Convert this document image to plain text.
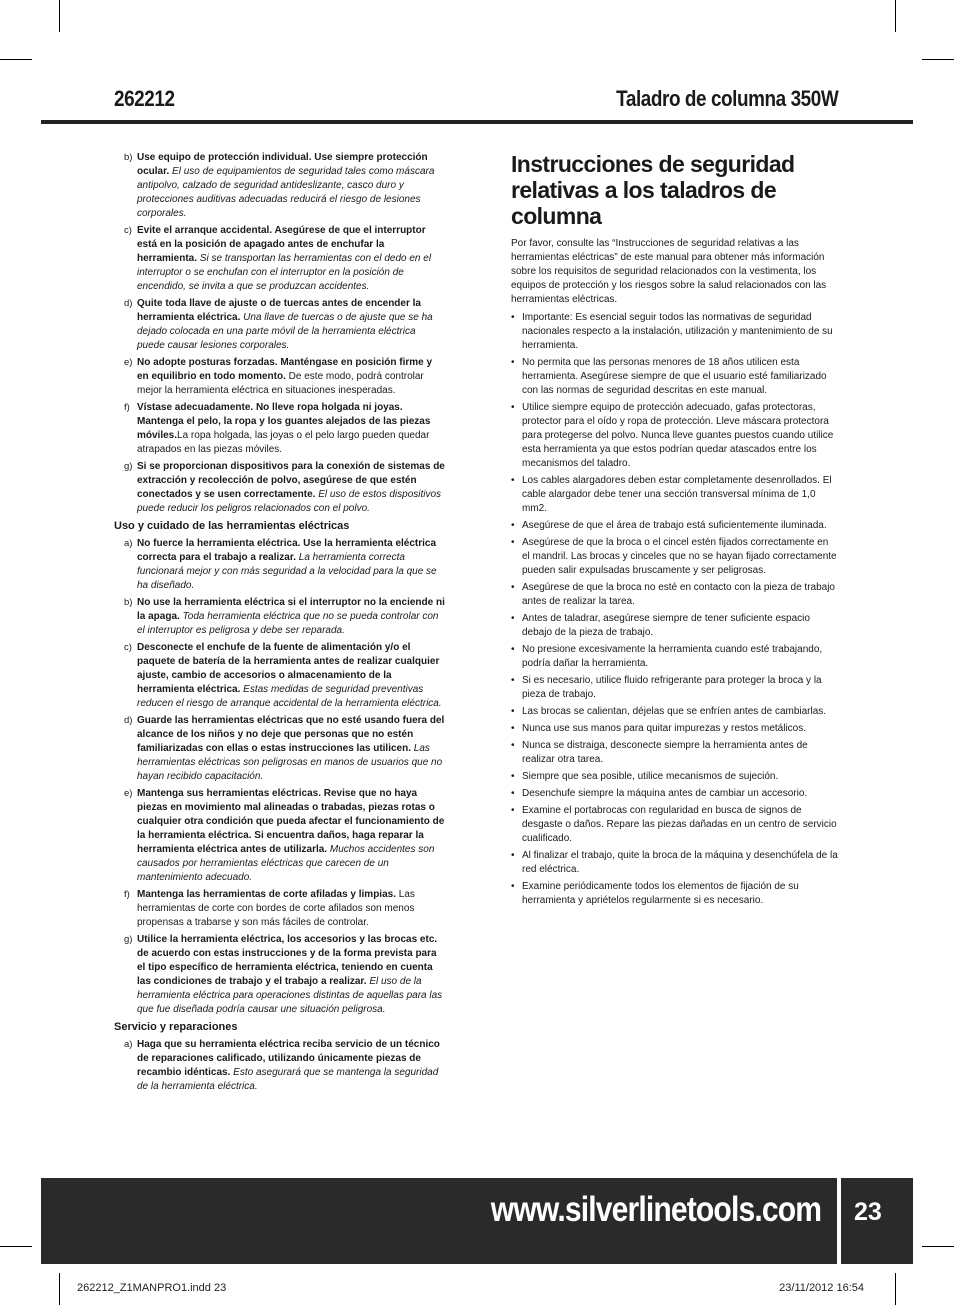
262212	Taladro de columna 350W
b) Use equipo de protección individual. Use siempre protección ocular. El uso de equipamientos de seguridad tales como máscara antipolvo, calzado de seguridad antideslizante, casco duro y protecciones auditivas adecuadas reducirá el riesgo de lesiones corporales.
c) Evite el arranque accidental. Asegúrese de que el interruptor está en la posición de apagado antes de enchufar la herramienta. Si se transportan las herramientas con el dedo en el interruptor o se enchufan con el interruptor en la posición de encendido, se invita a que se produzcan accidentes.
d) Quite toda llave de ajuste o de tuercas antes de encender la herramienta eléctrica. Una llave de tuercas o de ajuste que se ha dejado colocada en una parte móvil de la herramienta eléctrica puede causar lesiones corporales.
e) No adopte posturas forzadas. Manténgase en posición firme y en equilibrio en todo momento. De este modo, podrá controlar mejor la herramienta eléctrica en situaciones inesperadas.
f) Vístase adecuadamente. No lleve ropa holgada ni joyas. Mantenga el pelo, la ropa y los guantes alejados de las piezas móviles.La ropa holgada, las joyas o el pelo largo pueden quedar atrapados en las piezas móviles.
g) Si se proporcionan dispositivos para la conexión de sistemas de extracción y recolección de polvo, asegúrese de que estén conectados y se usen correctamente. El uso de estos dispositivos puede reducir los peligros relacionados con el polvo.
Uso y cuidado de las herramientas eléctricas
a) No fuerce la herramienta eléctrica. Use la herramienta eléctrica correcta para el trabajo a realizar. La herramienta correcta funcionará mejor y con más seguridad a la velocidad para la que se ha diseñado.
b) No use la herramienta eléctrica si el interruptor no la enciende ni la apaga. Toda herramienta eléctrica que no se pueda controlar con el interruptor es peligrosa y debe ser reparada.
c) Desconecte el enchufe de la fuente de alimentación y/o el paquete de batería de la herramienta antes de realizar cualquier ajuste, cambio de accesorios o almacenamiento de la herramienta eléctrica. Estas medidas de seguridad preventivas reducen el riesgo de arranque accidental de la herramienta eléctrica.
d) Guarde las herramientas eléctricas que no esté usando fuera del alcance de los niños y no deje que personas que no estén familiarizadas con ellas o estas instrucciones las utilicen. Las herramientas eléctricas son peligrosas en manos de usuarios que no hayan recibido capacitación.
e) Mantenga sus herramientas eléctricas. Revise que no haya piezas en movimiento mal alineadas o trabadas, piezas rotas o cualquier otra condición que pueda afectar el funcionamiento de la herramienta eléctrica. Si encuentra daños, haga reparar la herramienta eléctrica antes de utilizarla. Muchos accidentes son causados por herramientas eléctricas que carecen de un mantenimiento adecuado.
f) Mantenga las herramientas de corte afiladas y limpias. Las herramientas de corte con bordes de corte afilados son menos propensas a trabarse y son más fáciles de controlar.
g) Utilice la herramienta eléctrica, los accesorios y las brocas etc. de acuerdo con estas instrucciones y de la forma prevista para el tipo específico de herramienta eléctrica, teniendo en cuenta las condiciones de trabajo y el trabajo a realizar. El uso de la herramienta eléctrica para operaciones distintas de aquellas para las que fue diseñada podría causar une situación peligrosa.
Servicio y reparaciones
a) Haga que su herramienta eléctrica reciba servicio de un técnico de reparaciones calificado, utilizando únicamente piezas de recambio idénticas. Esto asegurará que se mantenga la seguridad de la herramienta eléctrica.
Instrucciones de seguridad relativas a los taladros de columna
Por favor, consulte las “Instrucciones de seguridad relativas a las herramientas eléctricas” de este manual para obtener más información sobre los requisitos de seguridad relacionados con la vestimenta, los equipos de protección y los riesgos sobre la salud relacionados con las herramientas eléctricas.
• Importante: Es esencial seguir todos las normativas de seguridad nacionales respecto a la instalación, utilización y mantenimiento de su herramienta.
• No permita que las personas menores de 18 años utilicen esta herramienta. Asegúrese siempre de que el usuario esté familiarizado con las normas de seguridad descritas en este manual.
• Utilice siempre equipo de protección adecuado, gafas protectoras, protector para el oído y ropa de protección. Lleve máscara protectora para protegerse del polvo. Nunca lleve guantes puestos cuando utilice esta herramienta ya que estos podrían quedar atascados entre los mecanismos del taladro.
• Los cables alargadores deben estar completamente desenrollados. El cable alargador debe tener una sección transversal mínima de 1,0 mm2.
• Asegúrese de que el área de trabajo está suficientemente iluminada.
• Asegúrese de que la broca o el cincel estén fijados correctamente en el mandril. Las brocas y cinceles que no se hayan fijado correctamente pueden salir expulsadas bruscamente y ser peligrosas.
• Asegúrese de que la broca no esté en contacto con la pieza de trabajo antes de realizar la tarea.
• Antes de taladrar, asegúrese siempre de tener suficiente espacio debajo de la pieza de trabajo.
• No presione excesivamente la herramienta cuando esté trabajando, podría dañar la herramienta.
• Si es necesario, utilice fluido refrigerante para proteger la broca y la pieza de trabajo.
• Las brocas se calientan, déjelas que se enfríen antes de cambiarlas.
• Nunca use sus manos para quitar impurezas y restos metálicos.
• Nunca se distraiga, desconecte siempre la herramienta antes de realizar otra tarea.
• Siempre que sea posible, utilice mecanismos de sujeción.
• Desenchufe siempre la máquina antes de cambiar un accesorio.
• Examine el portabrocas con regularidad en busca de signos de desgaste o daños. Repare las piezas dañadas en un centro de servicio cualificado.
• Al finalizar el trabajo, quite la broca de la máquina y desenchúfela de la red eléctrica.
• Examine periódicamente todos los elementos de fijación de su herramienta y apriételos regularmente si es necesario.
www.silverlinetools.com 23
262212_Z1MANPRO1.indd 23	23/11/2012 16:54
